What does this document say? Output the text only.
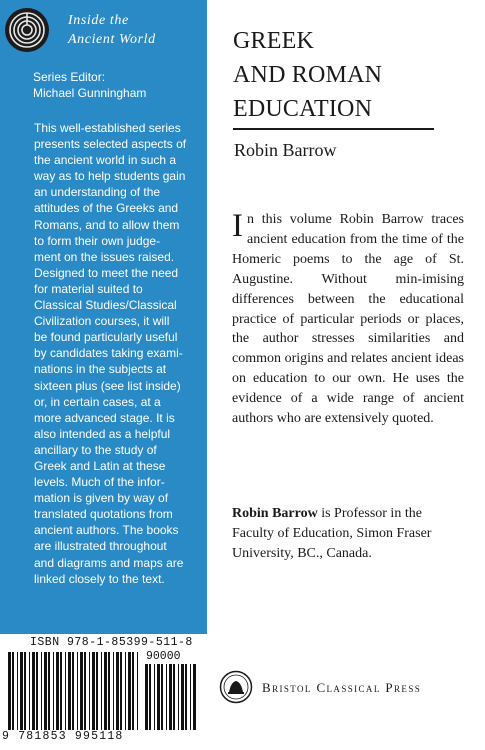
Inside the
Ancient World
Series Editor:
Michael Gunningham
This well-established series
presents selected aspects of
the ancient world in such a
way as to help students gain
an understanding of the
attitudes of the Greeks and
Romans, and to allow them
to form their own judge-
ment on the issues raised.
Designed to meet the need
for material suited to
Classical Studies/Classical
Civilization courses, it will
be found particularly useful
by candidates taking exami-
nations in the subjects at
sixteen plus (see list inside)
or, in certain cases, at a
more advanced stage. It is
also intended as a helpful
ancillary to the study of
Greek and Latin at these
levels. Much of the infor-
mation is given by way of
translated quotations from
ancient authors. The books
are illustrated throughout
and diagrams and maps are
linked closely to the text.
ISBN 978-1-85399-511-8
90000
9 781853 995118
GREEK
AND ROMAN
EDUCATION
Robin Barrow
In this volume Robin Barrow traces ancient education from the time of the Homeric poems to the age of St. Augustine. Without min-imising differences between the educational practice of particular periods or places, the author stresses similarities and common origins and relates ancient ideas on education to our own. He uses the evidence of a wide range of ancient authors who are extensively quoted.
Robin Barrow is Professor in the Faculty of Education, Simon Fraser University, BC., Canada.
Bristol Classical Press
